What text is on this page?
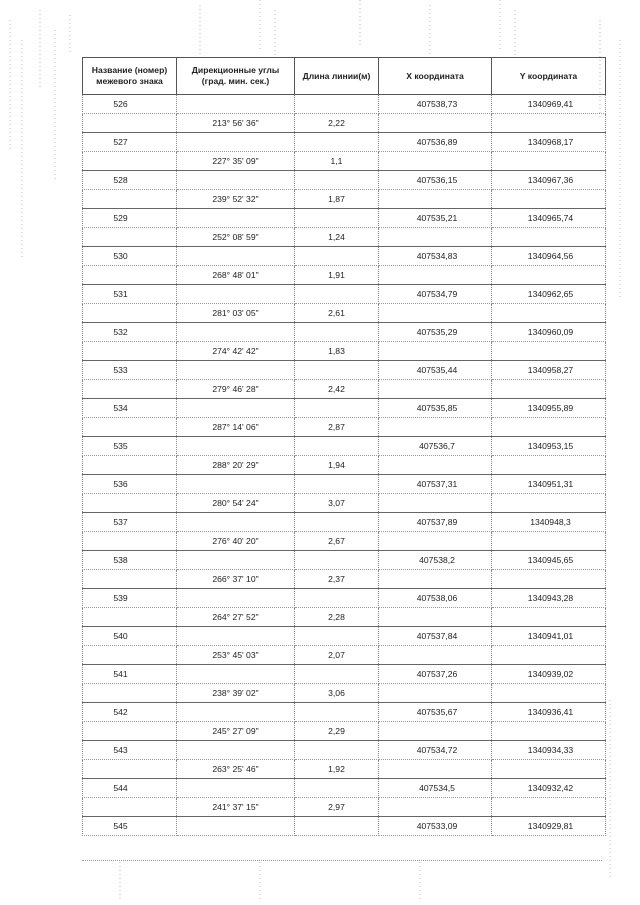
Название (номер) межевого знака	Дирекционные углы (град. мин. сек.)	Длина линии(м)	X координата	Y координата
526			407538,73	1340969,41
	213° 56' 36"	2,22		
527			407536,89	1340968,17
	227° 35' 09"	1,1		
528			407536,15	1340967,36
	239° 52' 32"	1,87		
529			407535,21	1340965,74
	252° 08' 59"	1,24		
530			407534,83	1340964,56
	268° 48' 01"	1,91		
531			407534,79	1340962,65
	281° 03' 05"	2,61		
532			407535,29	1340960,09
	274° 42' 42"	1,83		
533			407535,44	1340958,27
	279° 46' 28"	2,42		
534			407535,85	1340955,89
	287° 14' 06"	2,87		
535			407536,7	1340953,15
	288° 20' 29"	1,94		
536			407537,31	1340951,31
	280° 54' 24"	3,07		
537			407537,89	1340948,3
	276° 40' 20"	2,67		
538			407538,2	1340945,65
	266° 37' 10"	2,37		
539			407538,06	1340943,28
	264° 27' 52"	2,28		
540			407537,84	1340941,01
	253° 45' 03"	2,07		
541			407537,26	1340939,02
	238° 39' 02"	3,06		
542			407535,67	1340936,41
	245° 27' 09"	2,29		
543			407534,72	1340934,33
	263° 25' 46"	1,92		
544			407534,5	1340932,42
	241° 37' 15"	2,97		
545			407533,09	1340929,81
